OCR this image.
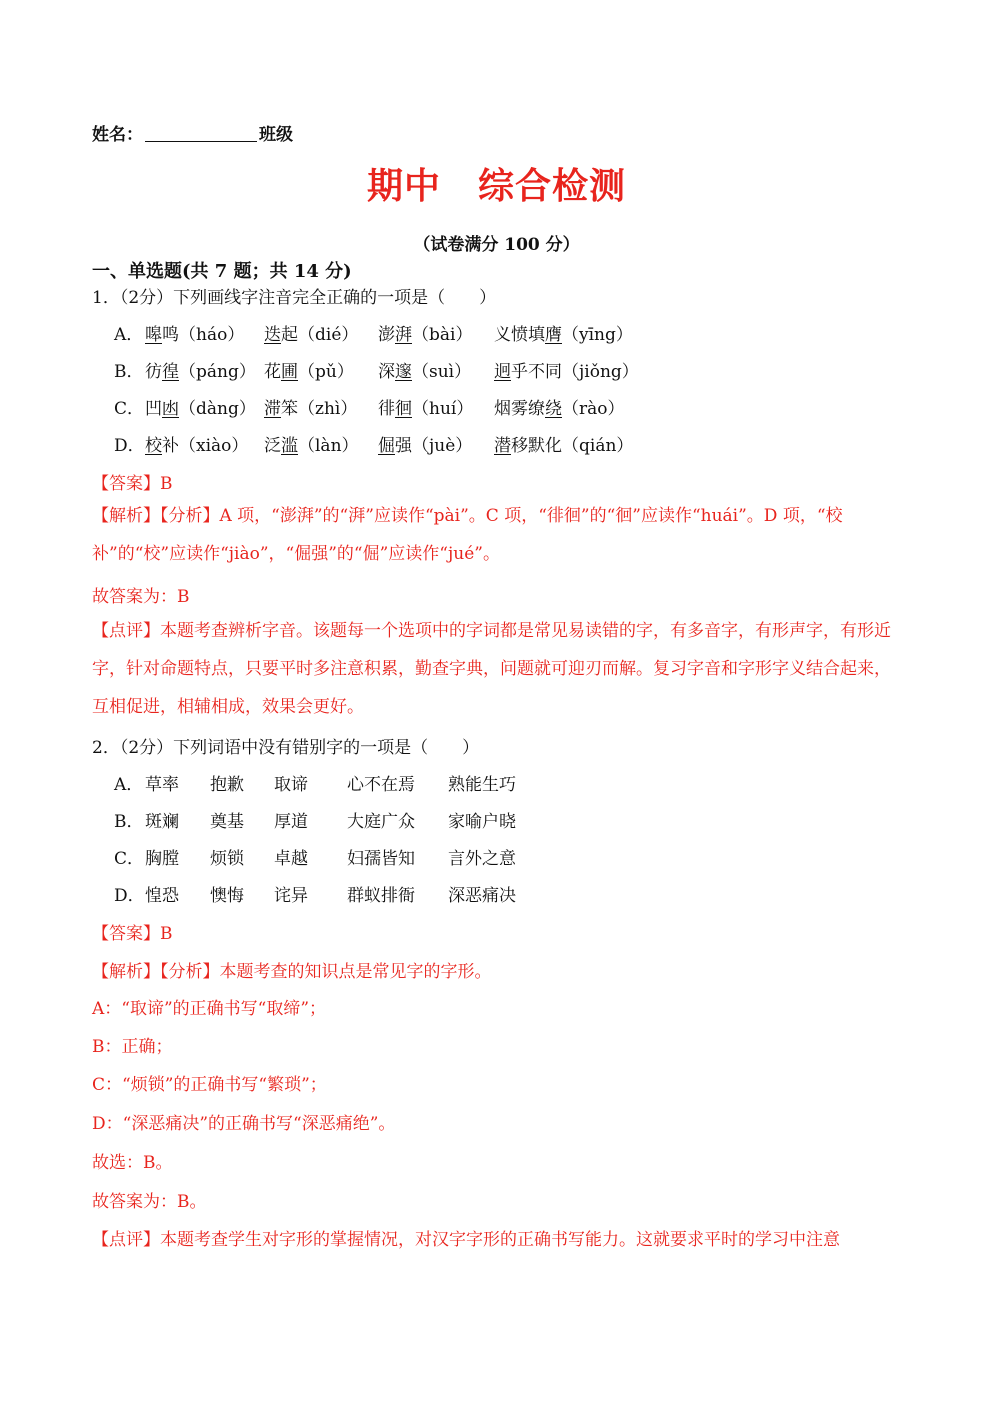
姓名：	班级
期中　综合检测
（试卷满分 100 分）
一、单选题(共 7 题；共 14 分)
1．（2分）下列画线字注音完全正确的一项是（　　）
A． 嗥鸣（háo） 迭起（dié） 澎湃（bài） 义愤填膺（yīng）
B． 彷徨（páng） 花圃（pǔ） 深邃（suì） 迥乎不同（jiǒng）
C． 凹凼（dàng） 滞笨（zhì） 徘徊（huí） 烟雾缭绕（rào）
D． 校补（xiào） 泛滥（làn） 倔强（juè） 潜移默化（qián）
【答案】B
【解析】【分析】A 项，“澎湃”的“湃”应读作“pài”。C 项，“徘徊”的“徊”应读作“huái”。D 项，“校补”的“校”应读作“jiào”，“倔强”的“倔”应读作“jué”。
故答案为：B
【点评】本题考查辨析字音。该题每一个选项中的字词都是常见易读错的字，有多音字，有形声字，有形近字，针对命题特点，只要平时多注意积累，勤查字典，问题就可迎刃而解。复习字音和字形字义结合起来，互相促进，相辅相成，效果会更好。
2．（2分）下列词语中没有错别字的一项是（　　）
A． 草率 抱歉 取谛 心不在焉 熟能生巧
B． 斑斓 奠基 厚道 大庭广众 家喻户晓
C． 胸膛 烦锁 卓越 妇孺皆知 言外之意
D． 惶恐 懊悔 诧异 群蚁排衙 深恶痛决
【答案】B
【解析】【分析】本题考查的知识点是常见字的字形。
A：“取谛”的正确书写“取缔”；
B：正确；
C：“烦锁”的正确书写“繁琐”；
D：“深恶痛决”的正确书写“深恶痛绝”。
故选：B。
故答案为：B。
【点评】本题考查学生对字形的掌握情况，对汉字字形的正确书写能力。这就要求平时的学习中注意
